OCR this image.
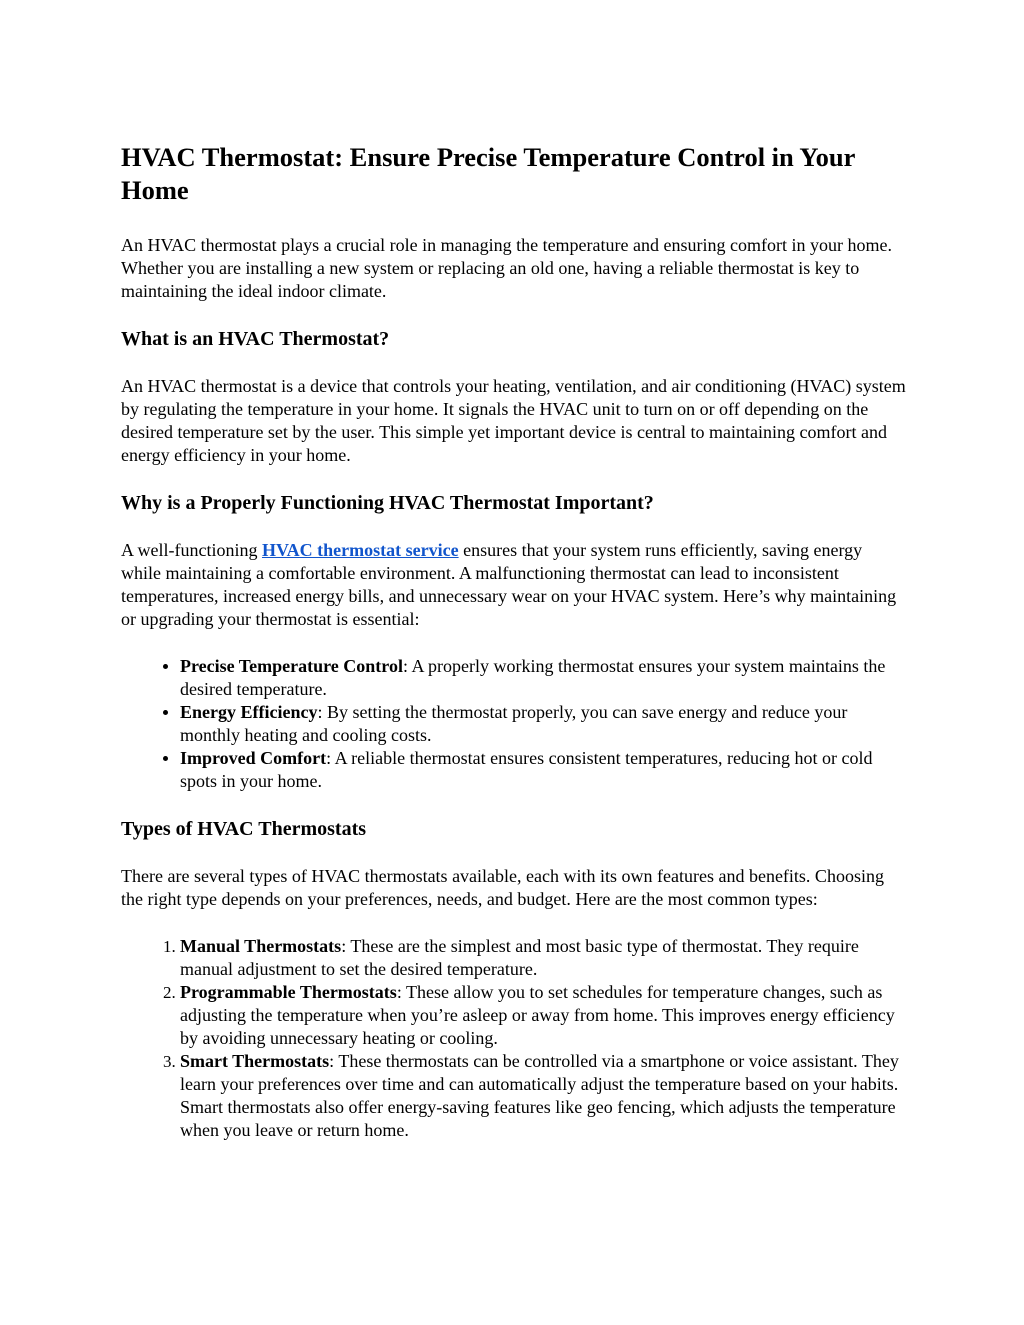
HVAC Thermostat: Ensure Precise Temperature Control in Your Home

An HVAC thermostat plays a crucial role in managing the temperature and ensuring comfort in your home. Whether you are installing a new system or replacing an old one, having a reliable thermostat is key to maintaining the ideal indoor climate.

What is an HVAC Thermostat?

An HVAC thermostat is a device that controls your heating, ventilation, and air conditioning (HVAC) system by regulating the temperature in your home. It signals the HVAC unit to turn on or off depending on the desired temperature set by the user. This simple yet important device is central to maintaining comfort and energy efficiency in your home.

Why is a Properly Functioning HVAC Thermostat Important?

A well-functioning HVAC thermostat service ensures that your system runs efficiently, saving energy while maintaining a comfortable environment. A malfunctioning thermostat can lead to inconsistent temperatures, increased energy bills, and unnecessary wear on your HVAC system. Here’s why maintaining or upgrading your thermostat is essential:

• Precise Temperature Control: A properly working thermostat ensures your system maintains the desired temperature.
• Energy Efficiency: By setting the thermostat properly, you can save energy and reduce your monthly heating and cooling costs.
• Improved Comfort: A reliable thermostat ensures consistent temperatures, reducing hot or cold spots in your home.
Types of HVAC Thermostats

There are several types of HVAC thermostats available, each with its own features and benefits. Choosing the right type depends on your preferences, needs, and budget. Here are the most common types:

1. Manual Thermostats: These are the simplest and most basic type of thermostat. They require manual adjustment to set the desired temperature.
2. Programmable Thermostats: These allow you to set schedules for temperature changes, such as adjusting the temperature when you’re asleep or away from home. This improves energy efficiency by avoiding unnecessary heating or cooling.
3. Smart Thermostats: These thermostats can be controlled via a smartphone or voice assistant. They learn your preferences over time and can automatically adjust the temperature based on your habits. Smart thermostats also offer energy-saving features like geo fencing, which adjusts the temperature when you leave or return home.
